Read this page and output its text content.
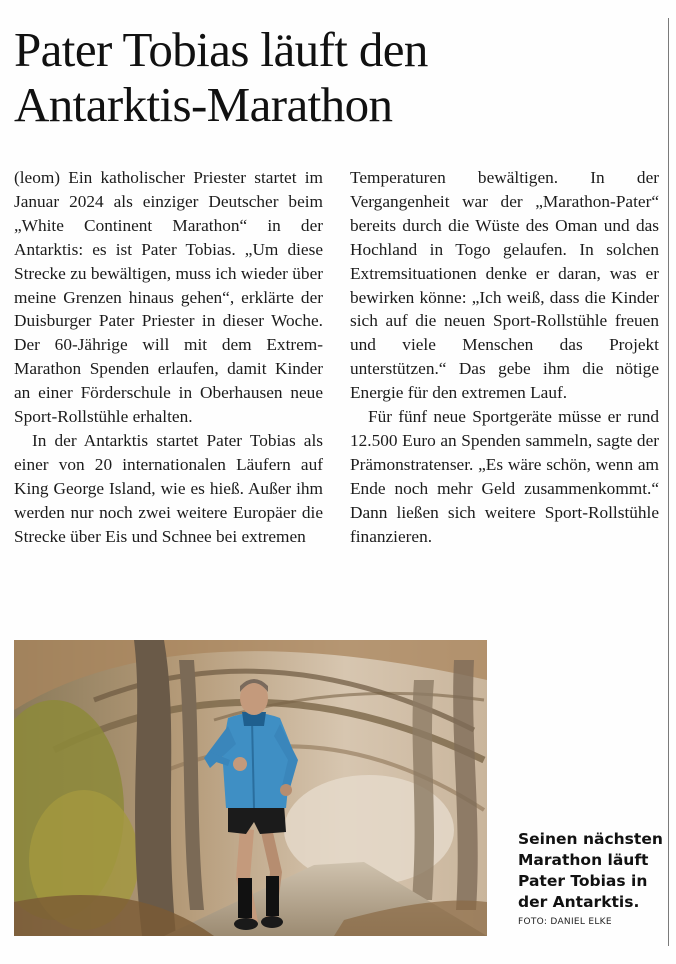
Pater Tobias läuft den
Antarktis-Marathon

(leom) Ein katholischer Priester startet im Januar 2024 als einziger Deutscher beim „White Continent Marathon“ in der Antarktis: es ist Pater Tobias. „Um diese Strecke zu bewältigen, muss ich wieder über meine Grenzen hinaus gehen“, erklärte der Duisburger Pater Priester in dieser Woche. Der 60-Jährige will mit dem Extrem-Marathon Spenden erlaufen, damit Kinder an einer Förderschule in Oberhausen neue Sport-Rollstühle erhalten.

In der Antarktis startet Pater Tobias als einer von 20 internationalen Läufern auf King George Island, wie es hieß. Außer ihm werden nur noch zwei weitere Europäer die Strecke über Eis und Schnee bei extremen

Temperaturen bewältigen. In der Vergangenheit war der „Marathon-Pater“ bereits durch die Wüste des Oman und das Hochland in Togo gelaufen. In solchen Extremsituationen denke er daran, was er bewirken könne: „Ich weiß, dass die Kinder sich auf die neuen Sport-Rollstühle freuen und viele Menschen das Projekt unterstützen.“ Das gebe ihm die nötige Energie für den extremen Lauf.

Für fünf neue Sportgeräte müsse er rund 12.500 Euro an Spenden sammeln, sagte der Prämonstratenser. „Es wäre schön, wenn am Ende noch mehr Geld zusammenkommt.“ Dann ließen sich weitere Sport-Rollstühle finanzieren.

Seinen nächsten
Marathon läuft
Pater Tobias in
der Antarktis.

FOTO: DANIEL ELKE
